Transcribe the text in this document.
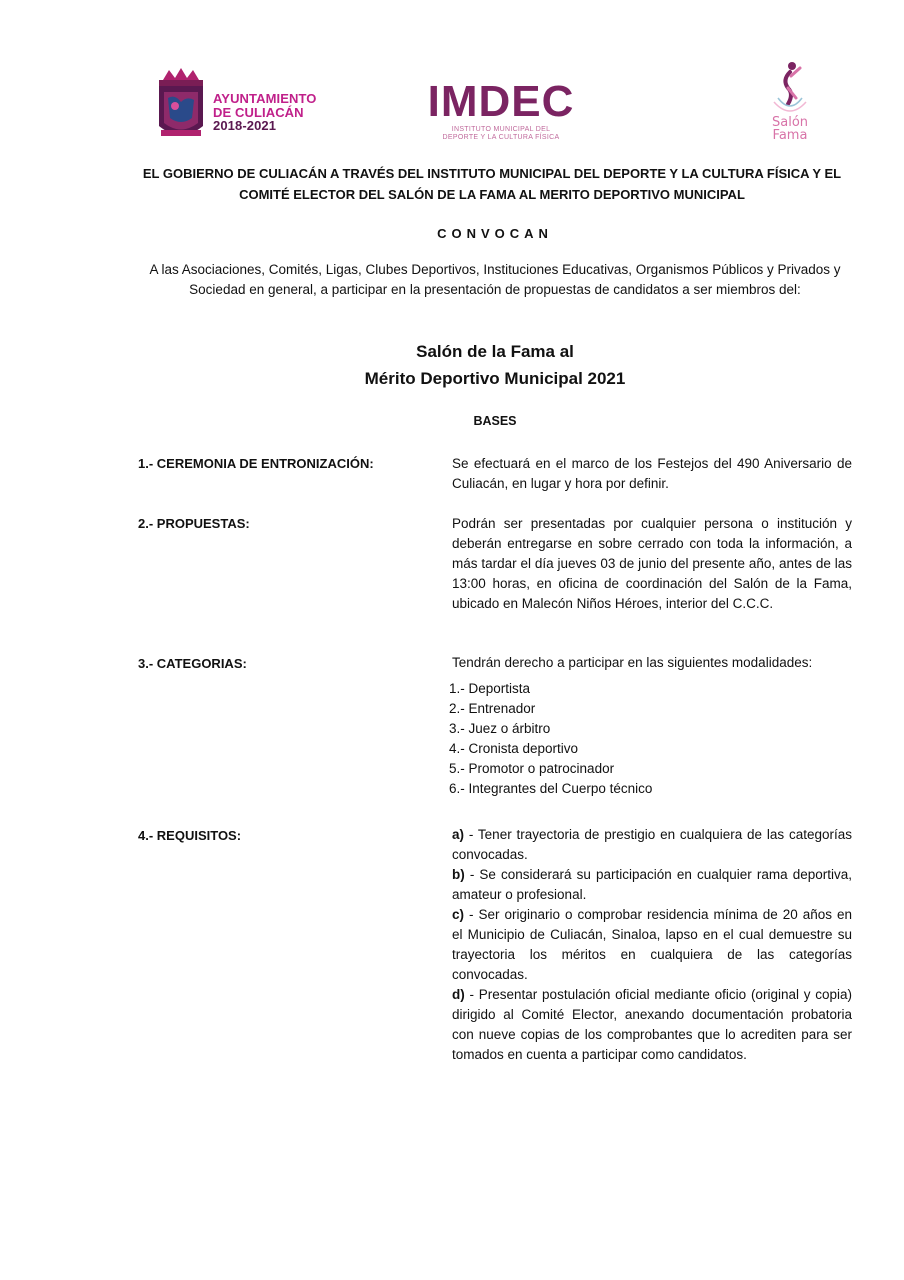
AYUNTAMIENTO
DE CULIACÁN
2018-2021	IMDEC
INSTITUTO MUNICIPAL DEL
DEPORTE Y LA CULTURA FÍSICA
Salón
Fama
EL GOBIERNO DE CULIACÁN A TRAVÉS DEL INSTITUTO MUNICIPAL DEL DEPORTE Y LA CULTURA FÍSICA Y EL COMITÉ ELECTOR DEL SALÓN DE LA FAMA AL MERITO DEPORTIVO MUNICIPAL
CONVOCAN
A las Asociaciones, Comités, Ligas, Clubes Deportivos, Instituciones Educativas, Organismos Públicos y Privados y Sociedad en general, a participar en la presentación de propuestas de candidatos a ser miembros del:
Salón de la Fama al
Mérito Deportivo Municipal 2021
BASES
1.- CEREMONIA DE ENTRONIZACIÓN:	Se efectuará en el marco de los Festejos del 490 Aniversario de Culiacán, en lugar y hora por definir.
2.- PROPUESTAS:	Podrán ser presentadas por cualquier persona o institución y deberán entregarse en sobre cerrado con toda la información, a más tardar el día jueves 03 de junio del presente año, antes de las 13:00 horas, en oficina de coordinación del Salón de la Fama, ubicado en Malecón Niños Héroes, interior del C.C.C.
3.- CATEGORIAS:	Tendrán derecho a participar en las siguientes modalidades:
1.- Deportista
2.- Entrenador
3.- Juez o árbitro
4.- Cronista deportivo
5.- Promotor o patrocinador
6.- Integrantes del Cuerpo técnico
4.- REQUISITOS:	a) - Tener trayectoria de prestigio en cualquiera de las categorías convocadas.

b) - Se considerará su participación en cualquier rama deportiva, amateur o profesional.

c) - Ser originario o comprobar residencia mínima de 20 años en el Municipio de Culiacán, Sinaloa, lapso en el cual demuestre su trayectoria los méritos en cualquiera de las categorías convocadas.

d) - Presentar postulación oficial mediante oficio (original y copia) dirigido al Comité Elector, anexando documentación probatoria con nueve copias de los comprobantes que lo acrediten para ser tomados en cuenta a participar como candidatos.
